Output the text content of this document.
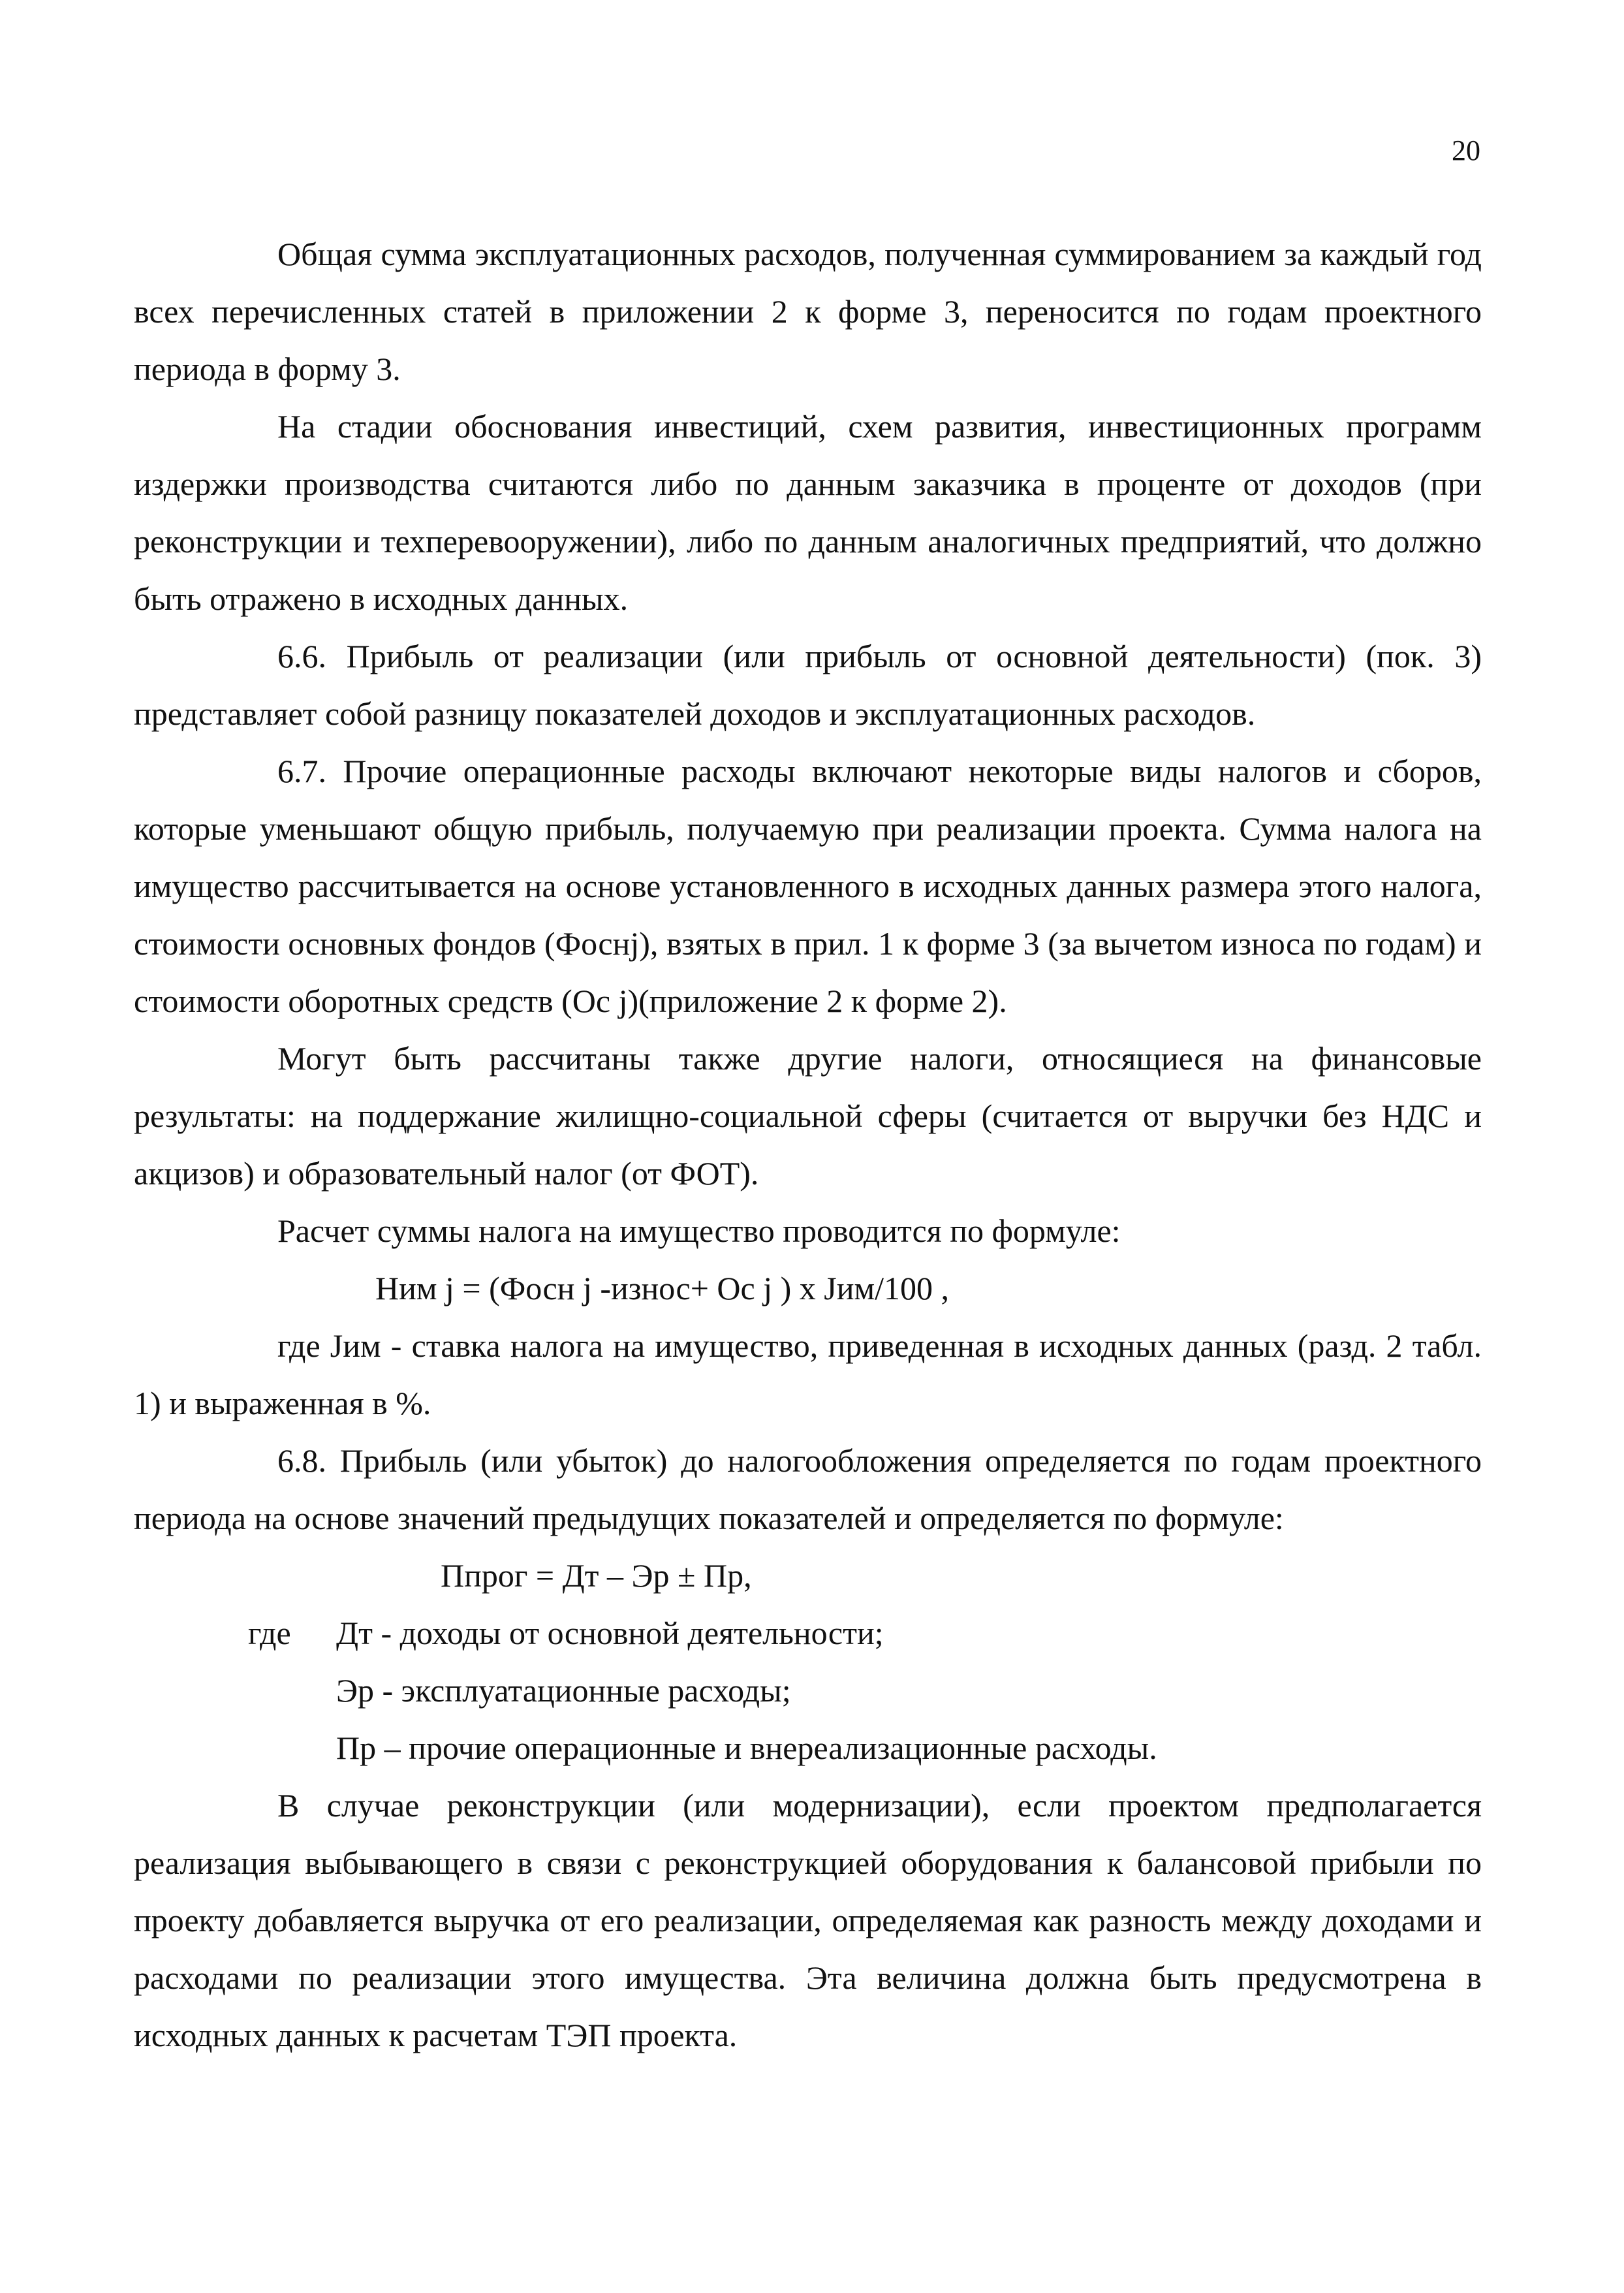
20

Общая сумма эксплуатационных расходов, полученная суммированием за каждый год всех перечисленных статей в приложении 2 к форме 3, переносится по годам проектного периода в форму 3.

На стадии обоснования инвестиций, схем развития, инвестиционных программ издержки производства считаются либо по данным заказчика в проценте от доходов (при реконструкции и техперевооружении), либо по данным аналогичных предприятий, что должно быть отражено в исходных данных.

6.6. Прибыль от реализации (или прибыль от основной деятельности) (пок. 3) представляет собой разницу показателей доходов и эксплуатационных расходов.

6.7. Прочие операционные расходы включают некоторые виды налогов и сборов, которые уменьшают общую прибыль, получаемую при реализации проекта. Сумма налога на имущество рассчитывается на основе установленного в исходных данных размера этого налога, стоимости основных фондов (Фоснj), взятых в прил. 1 к форме 3 (за вычетом износа по годам) и стоимости оборотных средств (Ос j)(приложение 2 к форме 2).

Могут быть рассчитаны также другие налоги, относящиеся на финансовые результаты: на поддержание жилищно-социальной сферы (считается от выручки без НДС и акцизов) и образовательный налог (от ФОТ).

Расчет суммы налога на имущество проводится по формуле:

Ним j = (Фосн j -износ+ Ос j ) x Jим/100 ,

где Jим - ставка налога на имущество, приведенная в исходных данных (разд. 2 табл. 1) и выраженная в %.

6.8. Прибыль (или убыток) до налогообложения определяется по годам проектного периода на основе значений предыдущих показателей и определяется по формуле:

Ппрог = Дт – Эр ± Пр,

где	Дт - доходы от основной деятельности;
Эр - эксплуатационные расходы;
Пр – прочие операционные и внереализационные расходы.

В случае реконструкции (или модернизации), если проектом предполагается реализация выбывающего в связи с реконструкцией оборудования к балансовой прибыли по проекту добавляется выручка от его реализации, определяемая как разность между доходами и расходами по реализации этого имущества. Эта величина должна быть предусмотрена в исходных данных к расчетам ТЭП проекта.
